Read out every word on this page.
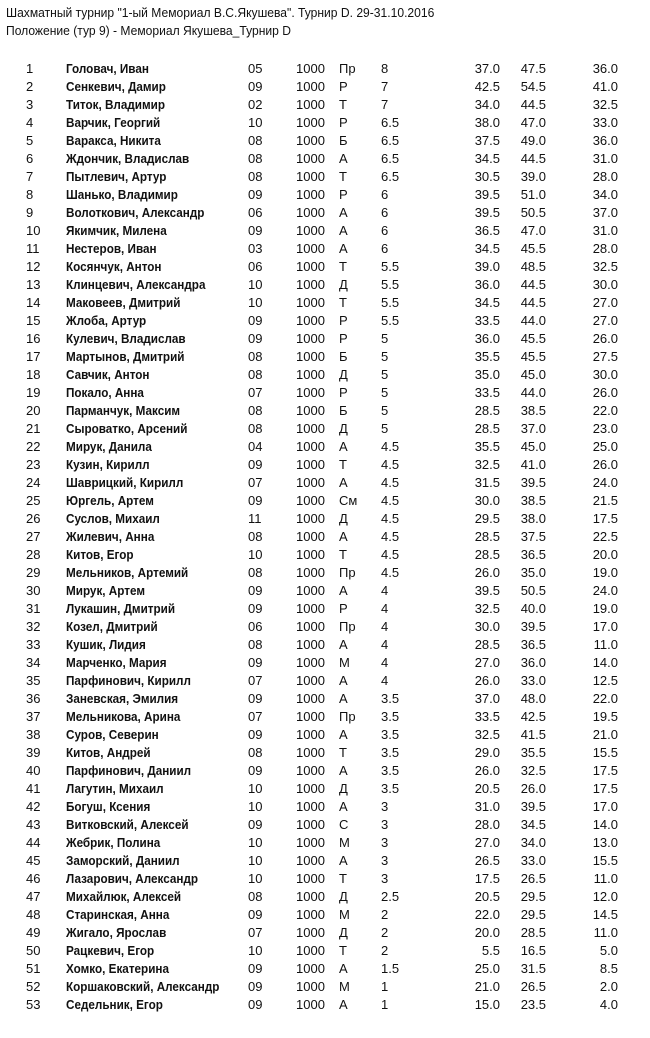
Шахматный турнир "1-ый Мемориал В.С.Якушева". Турнир D. 29-31.10.2016
Положение (тур 9) - Мемориал Якушева_Турнир D
1	Головач, Иван	05	1000 Пр 8	37.0 47.5	36.0
2	Сенкевич, Дамир	09	1000 Р	7	42.5 54.5	41.0
3	Титок, Владимир	02	1000 Т	7	34.0 44.5	32.5
4	Варчик, Георгий	10	1000 Р	6.5	38.0 47.0	33.0
5	Варакса, Никита	08	1000 Б	6.5	37.5 49.0	36.0
6	Ждончик, Владислав	08	1000 А	6.5	34.5 44.5	31.0
7	Пытлевич, Артур	08	1000 Т	6.5	30.5 39.0	28.0
8	Шанько, Владимир	09	1000 Р	6	39.5 51.0	34.0
9	Волоткович, Александр	06	1000 А	6	39.5 50.5	37.0
10	Якимчик, Милена	09	1000 А	6	36.5 47.0	31.0
11	Нестеров, Иван	03	1000 А	6	34.5 45.5	28.0
12	Косянчук, Антон	06	1000 Т	5.5	39.0 48.5	32.5
13	Клинцевич, Александра	10	1000 Д	5.5	36.0 44.5	30.0
14	Маковеев, Дмитрий	10	1000 Т	5.5	34.5 44.5	27.0
15	Жлоба, Артур	09	1000 Р	5.5	33.5 44.0	27.0
16	Кулевич, Владислав	09	1000 Р	5	36.0 45.5	26.0
17	Мартынов, Дмитрий	08	1000 Б	5	35.5 45.5	27.5
18	Савчик, Антон	08	1000 Д	5	35.0 45.0	30.0
19	Покало, Анна	07	1000 Р	5	33.5 44.0	26.0
20	Парманчук, Максим	08	1000 Б	5	28.5 38.5	22.0
21	Сыроватко, Арсений	08	1000 Д	5	28.5 37.0	23.0
22	Мирук, Данила	04	1000 А	4.5	35.5 45.0	25.0
23	Кузин, Кирилл	09	1000 Т	4.5	32.5 41.0	26.0
24	Шаврицкий, Кирилл	07	1000 А	4.5	31.5 39.5	24.0
25	Юргель, Артем	09	1000 См 4.5	30.0 38.5	21.5
26	Суслов, Михаил	11	1000 Д	4.5	29.5 38.0	17.5
27	Жилевич, Анна	08	1000 А	4.5	28.5 37.5	22.5
28	Китов, Егор	10	1000 Т	4.5	28.5 36.5	20.0
29	Мельников, Артемий	08	1000 Пр 4.5	26.0 35.0	19.0
30	Мирук, Артем	09	1000 А	4	39.5 50.5	24.0
31	Лукашин, Дмитрий	09	1000 Р	4	32.5 40.0	19.0
32	Козел, Дмитрий	06	1000 Пр 4	30.0 39.5	17.0
33	Кушик, Лидия	08	1000 А	4	28.5 36.5	11.0
34	Марченко, Мария	09	1000 М 4	27.0 36.0	14.0
35	Парфинович, Кирилл	07	1000 А	4	26.0 33.0	12.5
36	Заневская, Эмилия	09	1000 А	3.5	37.0 48.0	22.0
37	Мельникова, Арина	07	1000 Пр 3.5	33.5 42.5	19.5
38	Суров, Северин	09	1000 А	3.5	32.5 41.5	21.0
39	Китов, Андрей	08	1000 Т	3.5	29.0 35.5	15.5
40	Парфинович, Даниил	09	1000 А	3.5	26.0 32.5	17.5
41	Лагутин, Михаил	10	1000 Д	3.5	20.5 26.0	17.5
42	Богуш, Ксения	10	1000 А	3	31.0 39.5	17.0
43	Витковский, Алексей	09	1000 С	3	28.0 34.5	14.0
44	Жебрик, Полина	10	1000 М 3	27.0 34.0	13.0
45	Заморский, Даниил	10	1000 А	3	26.5 33.0	15.5
46	Лазарович, Александр	10	1000 Т	3	17.5 26.5	11.0
47	Михайлюк, Алексей	08	1000 Д	2.5	20.5 29.5	12.0
48	Старинская, Анна	09	1000 М 2	22.0 29.5	14.5
49	Жигало, Ярослав	07	1000 Д	2	20.0 28.5	11.0
50	Рацкевич, Егор	10	1000 Т	2	5.5 16.5	5.0
51	Хомко, Екатерина	09	1000 А	1.5	25.0 31.5	8.5
52	Коршаковский, Александр 09	1000 М 1	21.0 26.5	2.0
53	Седельник, Егор	09	1000 А	1	15.0 23.5	4.0
